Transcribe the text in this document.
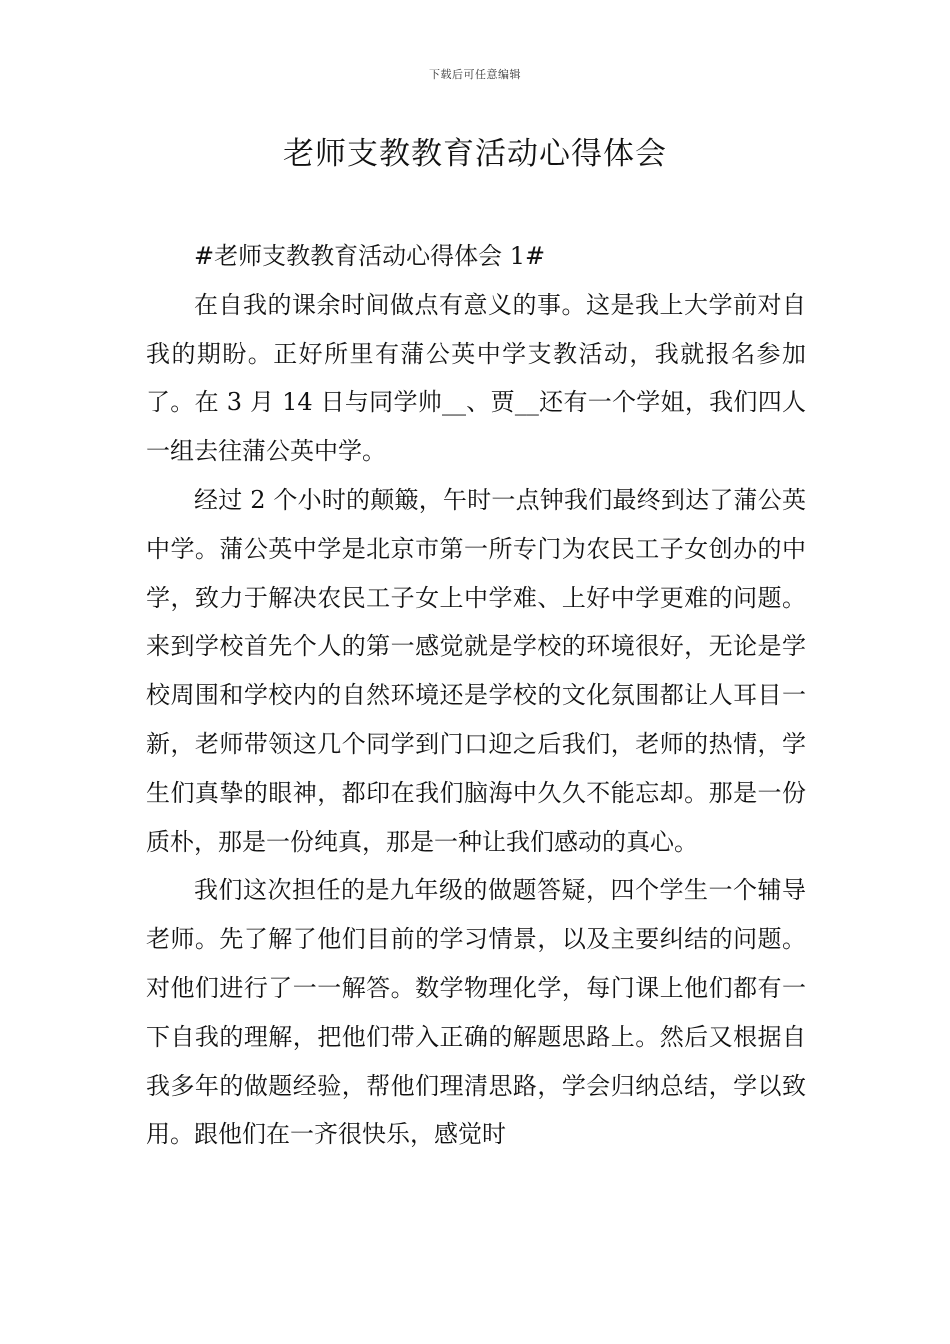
下载后可任意编辑
老师支教教育活动心得体会

#老师支教教育活动心得体会 1#

在自我的课余时间做点有意义的事。这是我上大学前对自我的期盼。正好所里有蒲公英中学支教活动，我就报名参加了。在 3 月 14 日与同学帅__、贾__还有一个学姐，我们四人一组去往蒲公英中学。

经过 2 个小时的颠簸，午时一点钟我们最终到达了蒲公英中学。蒲公英中学是北京市第一所专门为农民工子女创办的中学，致力于解决农民工子女上中学难、上好中学更难的问题。来到学校首先个人的第一感觉就是学校的环境很好，无论是学校周围和学校内的自然环境还是学校的文化氛围都让人耳目一新，老师带领这几个同学到门口迎之后我们，老师的热情，学生们真挚的眼神，都印在我们脑海中久久不能忘却。那是一份质朴，那是一份纯真，那是一种让我们感动的真心。

我们这次担任的是九年级的做题答疑，四个学生一个辅导老师。先了解了他们目前的学习情景，以及主要纠结的问题。对他们进行了一一解答。数学物理化学，每门课上他们都有一下自我的理解，把他们带入正确的解题思路上。然后又根据自我多年的做题经验，帮他们理清思路，学会归纳总结，学以致用。跟他们在一齐很快乐，感觉时
